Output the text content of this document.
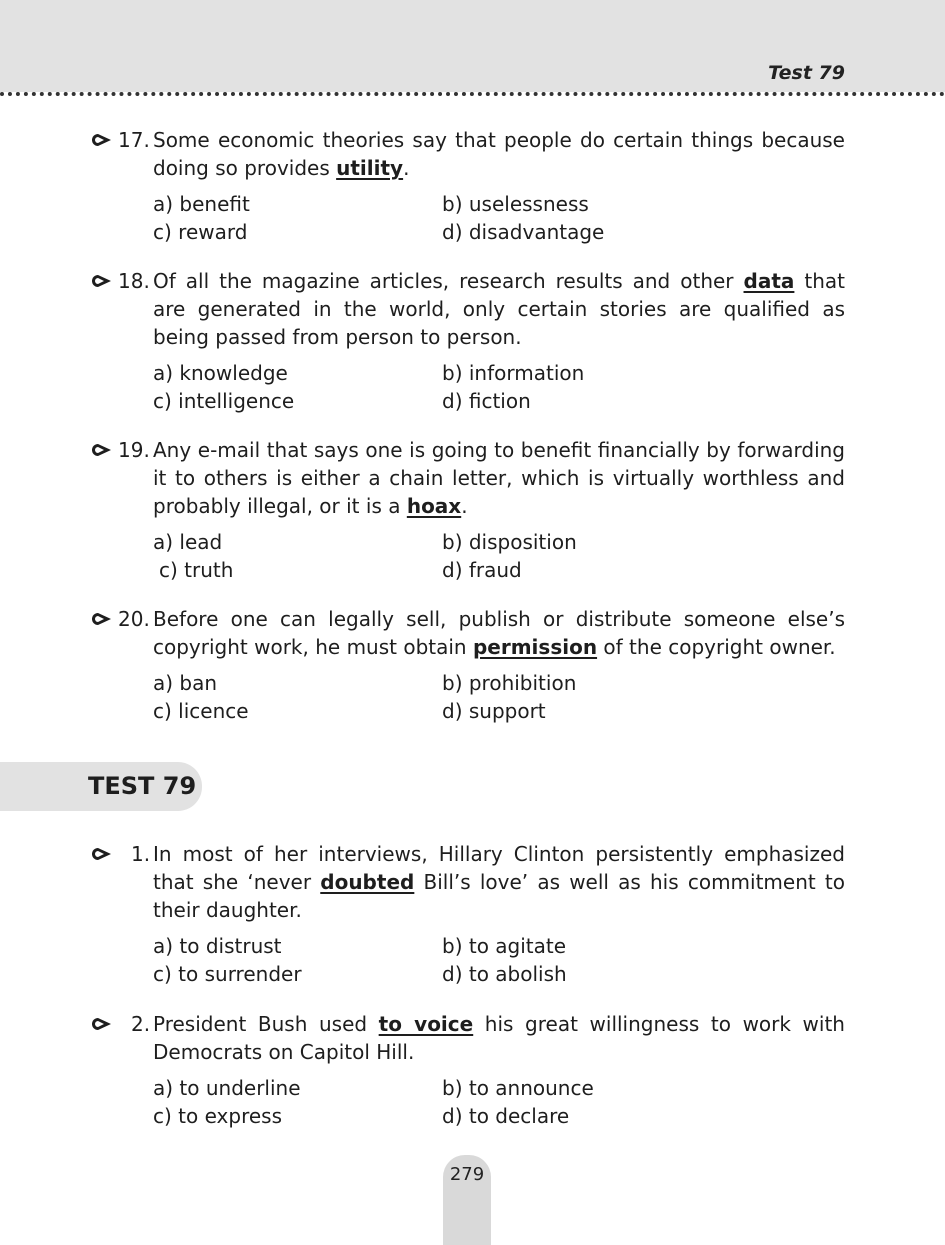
Test 79
17. Some economic theories say that people do certain things because doing so provides utility.
a) benefit	b) uselessness
c) reward	d) disadvantage
18. Of all the magazine articles, research results and other data that are generated in the world, only certain stories are qualified as being passed from person to person.
a) knowledge	b) information
c) intelligence	d) fiction
19. Any e-mail that says one is going to benefit financially by forwarding it to others is either a chain letter, which is virtually worthless and probably illegal, or it is a hoax.
a) lead	b) disposition
c) truth	d) fraud
20. Before one can legally sell, publish or distribute someone else’s copyright work, he must obtain permission of the copyright owner.
a) ban	b) prohibition
c) licence	d) support
TEST 79
1. In most of her interviews, Hillary Clinton persistently emphasized that she ‘never doubted Bill’s love’ as well as his commitment to their daughter.
a) to distrust	b) to agitate
c) to surrender	d) to abolish
2. President Bush used to voice his great willingness to work with Democrats on Capitol Hill.
a) to underline	b) to announce
c) to express	d) to declare
279
